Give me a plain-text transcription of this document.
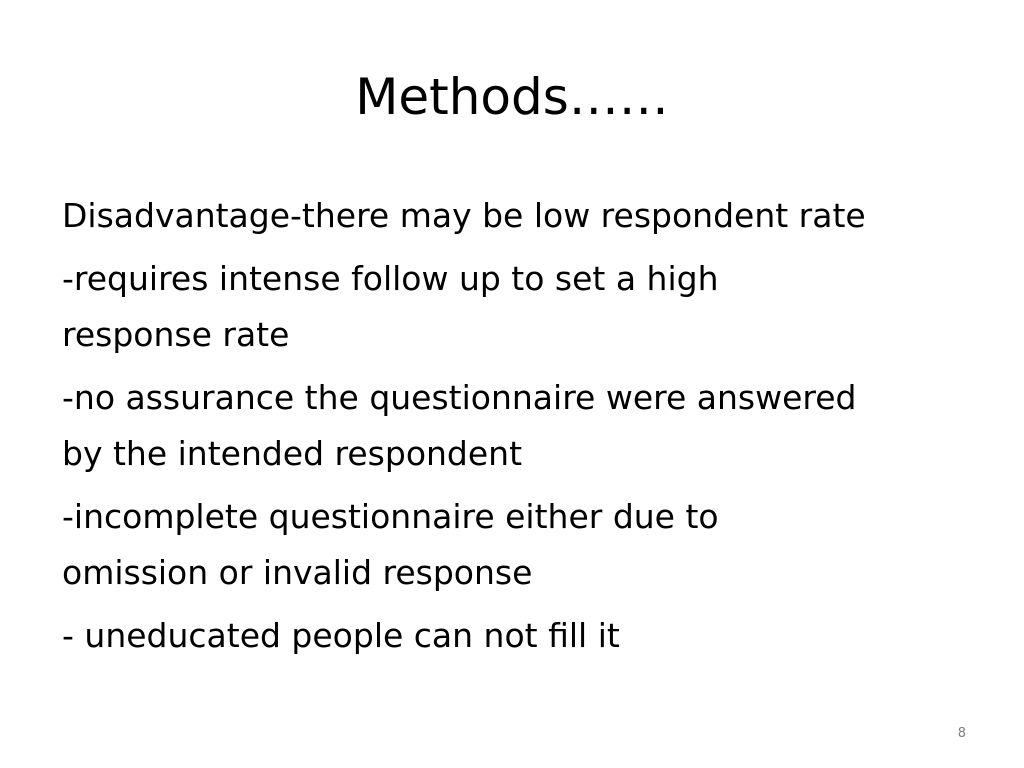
Methods……
Disadvantage-there may be low respondent rate
-requires intense follow up to set a high
response rate
-no assurance the questionnaire were answered
by the intended respondent
-incomplete questionnaire either due to
omission or invalid response
- uneducated people can not fill it
8
